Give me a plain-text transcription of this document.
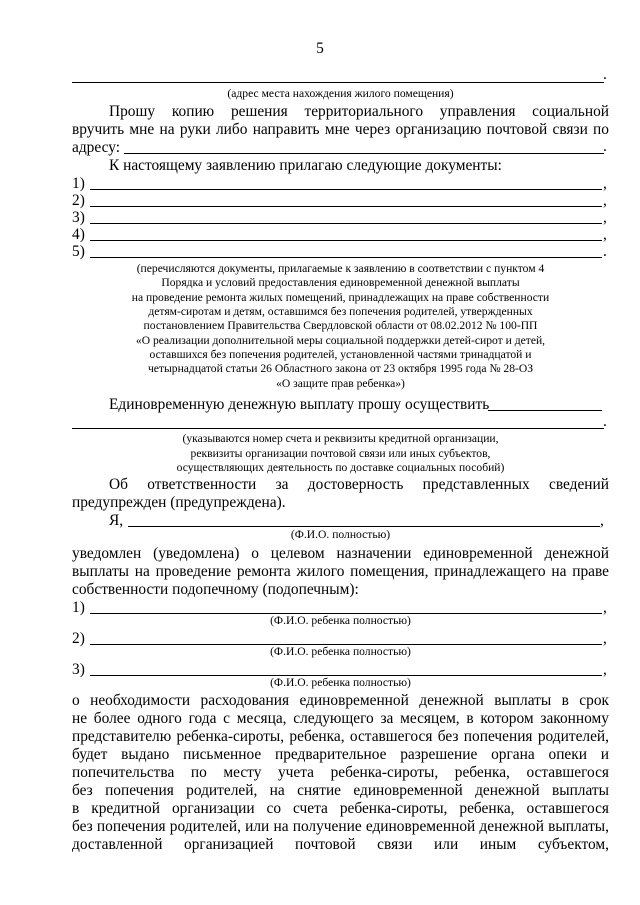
5
.
(адрес места нахождения жилого помещения)
Прошу копию решения территориального управления социальной
вручить мне на руки либо направить мне через организацию почтовой связи по
адресу:	.
К настоящему заявлению прилагаю следующие документы:
1)	,
2)	,
3)	,
4)	,
5)	.
(перечисляются документы, прилагаемые к заявлению в соответствии с пунктом 4
Порядка и условий предоставления единовременной денежной выплаты
на проведение ремонта жилых помещений, принадлежащих на праве собственности
детям-сиротам и детям, оставшимся без попечения родителей, утвержденных
постановлением Правительства Свердловской области от 08.02.2012 № 100-ПП
«О реализации дополнительной меры социальной поддержки детей-сирот и детей,
оставшихся без попечения родителей, установленной частями тринадцатой и
четырнадцатой статьи 26 Областного закона от 23 октября 1995 года № 28-ОЗ
«О защите прав ребенка»)
Единовременную денежную выплату прошу осуществить
.
(указываются номер счета и реквизиты кредитной организации,
реквизиты организации почтовой связи или иных субъектов,
осуществляющих деятельность по доставке социальных пособий)
Об ответственности за достоверность представленных сведений
предупрежден (предупреждена).
Я,	,
(Ф.И.О. полностью)
уведомлен (уведомлена) о целевом назначении единовременной денежной
выплаты на проведение ремонта жилого помещения, принадлежащего на праве
собственности подопечному (подопечным):
1)	,
(Ф.И.О. ребенка полностью)
2)	,
(Ф.И.О. ребенка полностью)
3)	,
(Ф.И.О. ребенка полностью)
о необходимости расходования единовременной денежной выплаты в срок
не более одного года с месяца, следующего за месяцем, в котором законному
представителю ребенка-сироты, ребенка, оставшегося без попечения родителей,
будет выдано письменное предварительное разрешение органа опеки и
попечительства по месту учета ребенка-сироты, ребенка, оставшегося
без попечения родителей, на снятие единовременной денежной выплаты
в кредитной организации со счета ребенка-сироты, ребенка, оставшегося
без попечения родителей, или на получение единовременной денежной выплаты,
доставленной организацией почтовой связи или иным субъектом,
